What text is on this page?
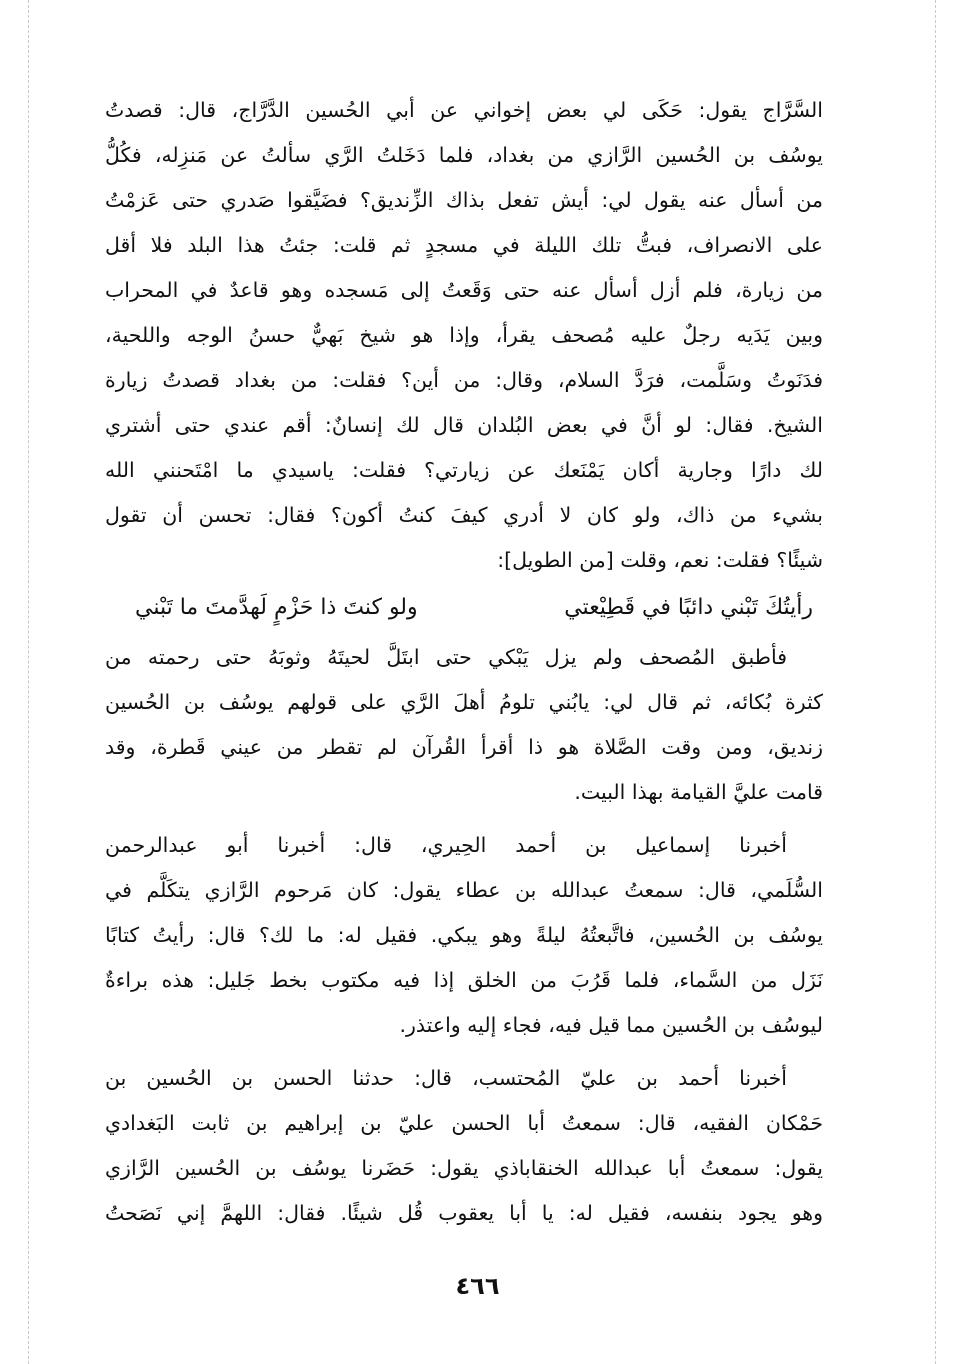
السَّرَّاج يقول: حَكَى لي بعض إخواني عن أبي الحُسين الدَّرَّاج، قال: قصدتُ
يوسُف بن الحُسين الرَّازي من بغداد، فلما دَخَلتُ الرَّي سألتُ عن مَنزِله، فكُلُّ
من أسأل عنه يقول لي: أيش تفعل بذاك الزِّنديق؟ فضَيَّقوا صَدري حتى عَزمْتُ
على الانصراف، فبتُّ تلك الليلة في مسجدٍ ثم قلت: جئتُ هذا البلد فلا أقل
من زيارة، فلم أزل أسأل عنه حتى وَقَعتُ إلى مَسجده وهو قاعدٌ في المحراب
وبين يَدَيه رجلٌ عليه مُصحف يقرأ، وإذا هو شيخ بَهيٌّ حسنُ الوجه واللحية،
فدَنَوتُ وسَلَّمت، فرَدَّ السلام، وقال: من أين؟ فقلت: من بغداد قصدتُ زيارة
الشيخ. فقال: لو أنَّ في بعض البُلدان قال لك إنسانٌ: أقم عندي حتى أشتري
لك دارًا وجارية أكان يَمْنَعك عن زيارتي؟ فقلت: ياسيدي ما امْتَحنني الله
بشيء من ذاك، ولو كان لا أدري كيفَ كنتُ أكون؟ فقال: تحسن أن تقول
شيئًا؟ فقلت: نعم، وقلت [من الطويل]:
رأيتُكَ تَبْني دائبًا في قَطِيْعتي
ولو كنتَ ذا حَزْمٍ لَهدَّمتَ ما تَبْني
فأطبق المُصحف ولم يزل يَبْكي حتى ابتَلَّ لحيتَهُ وثوبَهُ حتى رحمته من
كثرة بُكائه، ثم قال لي: يابُني تلومُ أهلَ الرَّي على قولهم يوسُف بن الحُسين
زنديق، ومن وقت الصَّلاة هو ذا أقرأ القُرآن لم تقطر من عيني قَطرة، وقد
قامت عليَّ القيامة بهذا البيت.
أخبرنا إسماعيل بن أحمد الحِيري، قال: أخبرنا أبو عبدالرحمن
السُّلَمي، قال: سمعتُ عبدالله بن عطاء يقول: كان مَرحوم الرَّازي يتكَلَّم في
يوسُف بن الحُسين، فاتَّبعتُهُ ليلةً وهو يبكي. فقيل له: ما لك؟ قال: رأيتُ كتابًا
نَزَل من السَّماء، فلما قَرُبَ من الخلق إذا فيه مكتوب بخط جَليل: هذه براءةٌ
ليوسُف بن الحُسين مما قيل فيه، فجاء إليه واعتذر.
أخبرنا أحمد بن عليّ المُحتسب، قال: حدثنا الحسن بن الحُسين بن
حَمْكان الفقيه، قال: سمعتُ أبا الحسن عليّ بن إبراهيم بن ثابت البَغدادي
يقول: سمعتُ أبا عبدالله الخنقاباذي يقول: حَضَرنا يوسُف بن الحُسين الرَّازي
وهو يجود بنفسه، فقيل له: يا أبا يعقوب قُل شيئًا. فقال: اللهمَّ إني نَصَحتُ
٤٦٦
